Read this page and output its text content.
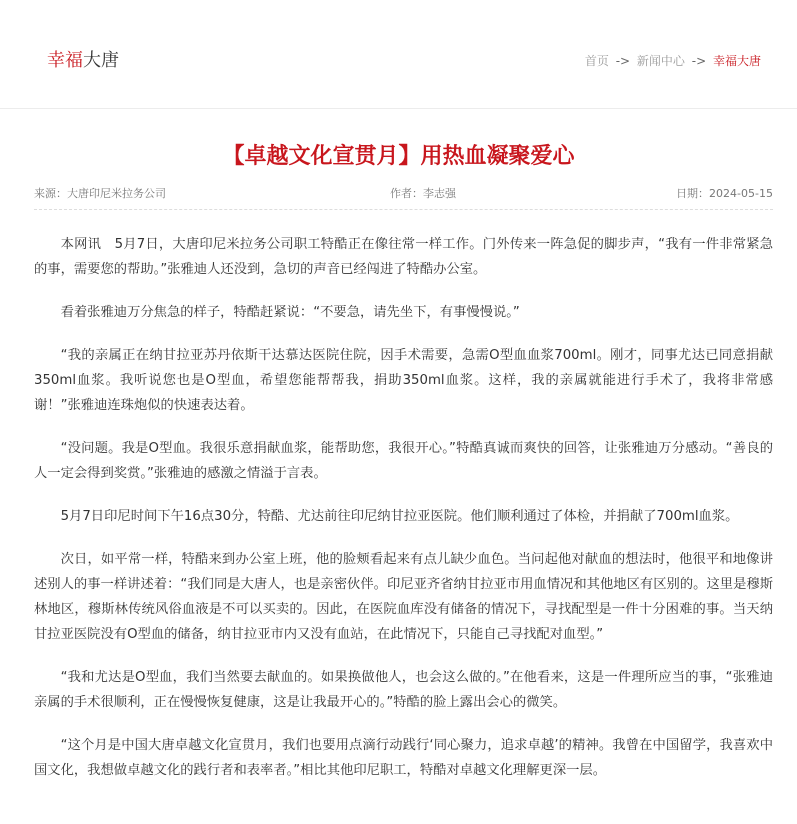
幸福大唐	首页 -> 新闻中心 -> 幸福大唐
【卓越文化宣贯月】用热血凝聚爱心
来源：大唐印尼米拉务公司	作者：李志强	日期：2024-05-15

本网讯　5月7日，大唐印尼米拉务公司职工特酷正在像往常一样工作。门外传来一阵急促的脚步声，“我有一件非常紧急的事，需要您的帮助。”张雅迪人还没到，急切的声音已经闯进了特酷办公室。

看着张雅迪万分焦急的样子，特酷赶紧说：“不要急，请先坐下，有事慢慢说。”

“我的亲属正在纳甘拉亚苏丹依斯干达慕达医院住院，因手术需要，急需O型血血浆700ml。刚才，同事尤达已同意捐献350ml血浆。我听说您也是O型血，希望您能帮帮我，捐助350ml血浆。这样，我的亲属就能进行手术了，我将非常感谢！”张雅迪连珠炮似的快速表达着。

“没问题。我是O型血。我很乐意捐献血浆，能帮助您，我很开心。”特酷真诚而爽快的回答，让张雅迪万分感动。“善良的人一定会得到奖赏。”张雅迪的感激之情溢于言表。

5月7日印尼时间下午16点30分，特酷、尤达前往印尼纳甘拉亚医院。他们顺利通过了体检，并捐献了700ml血浆。

次日，如平常一样，特酷来到办公室上班，他的脸颊看起来有点儿缺少血色。当问起他对献血的想法时，他很平和地像讲述别人的事一样讲述着：“我们同是大唐人，也是亲密伙伴。印尼亚齐省纳甘拉亚市用血情况和其他地区有区别的。这里是穆斯林地区，穆斯林传统风俗血液是不可以买卖的。因此，在医院血库没有储备的情况下，寻找配型是一件十分困难的事。当天纳甘拉亚医院没有O型血的储备，纳甘拉亚市内又没有血站，在此情况下，只能自己寻找配对血型。”

“我和尤达是O型血，我们当然要去献血的。如果换做他人，也会这么做的。”在他看来，这是一件理所应当的事，“张雅迪亲属的手术很顺利，正在慢慢恢复健康，这是让我最开心的。”特酷的脸上露出会心的微笑。

“这个月是中国大唐卓越文化宣贯月，我们也要用点滴行动践行‘同心聚力，追求卓越’的精神。我曾在中国留学，我喜欢中国文化，我想做卓越文化的践行者和表率者。”相比其他印尼职工，特酷对卓越文化理解更深一层。
